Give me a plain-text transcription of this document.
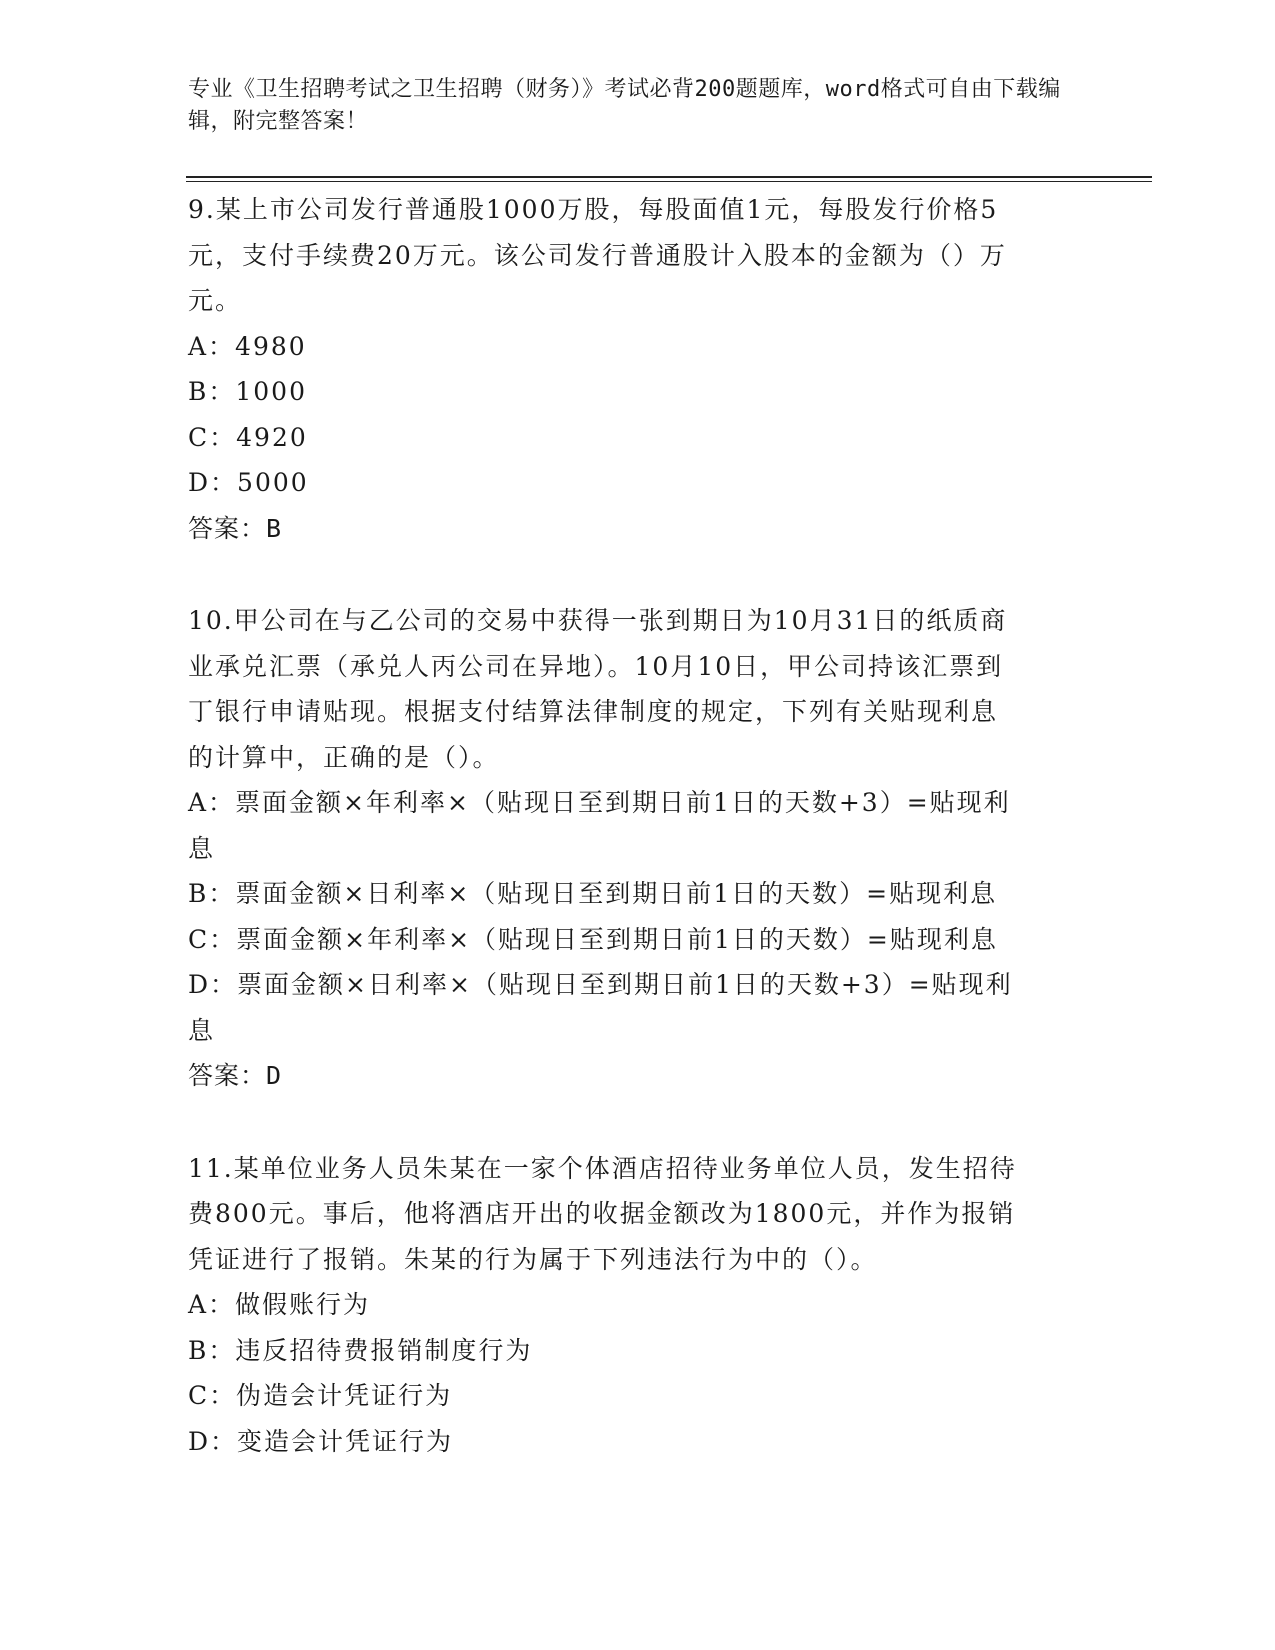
专业《卫生招聘考试之卫生招聘（财务）》考试必背200题题库，word格式可自由下载编辑，附完整答案！

9.某上市公司发行普通股1000万股，每股面值1元，每股发行价格5

元，支付手续费20万元。该公司发行普通股计入股本的金额为（）万

元。

A：4980

B：1000

C：4920

D：5000

答案：B

10.甲公司在与乙公司的交易中获得一张到期日为10月31日的纸质商

业承兑汇票（承兑人丙公司在异地）。10月10日，甲公司持该汇票到

丁银行申请贴现。根据支付结算法律制度的规定，下列有关贴现利息

的计算中，正确的是（）。

A：票面金额×年利率×（贴现日至到期日前1日的天数+3）=贴现利

息

B：票面金额×日利率×（贴现日至到期日前1日的天数）=贴现利息

C：票面金额×年利率×（贴现日至到期日前1日的天数）=贴现利息

D：票面金额×日利率×（贴现日至到期日前1日的天数+3）=贴现利

息

答案：D

11.某单位业务人员朱某在一家个体酒店招待业务单位人员，发生招待

费800元。事后，他将酒店开出的收据金额改为1800元，并作为报销

凭证进行了报销。朱某的行为属于下列违法行为中的（）。

A：做假账行为

B：违反招待费报销制度行为

C：伪造会计凭证行为

D：变造会计凭证行为
